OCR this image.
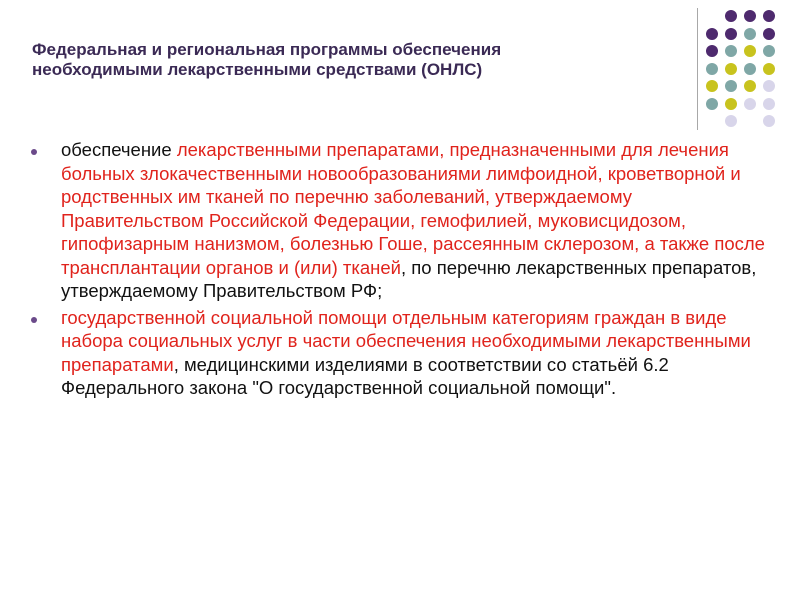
Федеральная и региональная программы обеспечения
необходимыми лекарственными средствами (ОНЛС)
обеспечение лекарственными препаратами, предназначенными для лечения больных злокачественными новообразованиями лимфоидной, кроветворной и родственных им тканей по перечню заболеваний, утверждаемому Правительством Российской Федерации, гемофилией, муковисцидозом, гипофизарным нанизмом, болезнью Гоше, рассеянным склерозом, а также после трансплантации органов и (или) тканей, по перечню лекарственных препаратов, утверждаемому Правительством РФ;
государственной социальной помощи отдельным категориям граждан в виде набора социальных услуг в части обеспечения необходимыми лекарственными препаратами, медицинскими изделиями в соответствии со статьёй 6.2 Федерального закона "О государственной социальной помощи".
